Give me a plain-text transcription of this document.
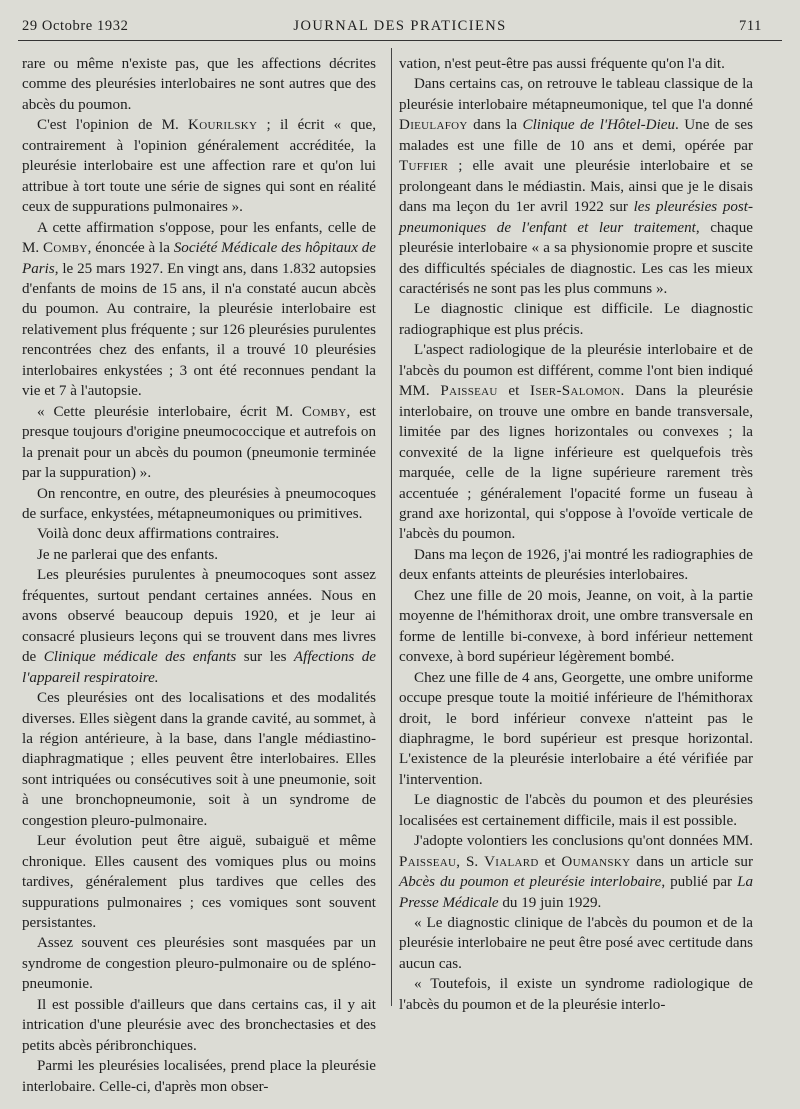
29 Octobre 1932	JOURNAL DES PRATICIENS	711

rare ou même n'existe pas, que les affections décrites comme des pleurésies interlobaires ne sont autres que des abcès du poumon.

C'est l'opinion de M. Kourilsky ; il écrit « que, contrairement à l'opinion généralement accréditée, la pleurésie interlobaire est une affection rare et qu'on lui attribue à tort toute une série de signes qui sont en réalité ceux de suppurations pulmonaires ».

A cette affirmation s'oppose, pour les enfants, celle de M. Comby, énoncée à la Société Médicale des hôpitaux de Paris, le 25 mars 1927. En vingt ans, dans 1.832 autopsies d'enfants de moins de 15 ans, il n'a constaté aucun abcès du poumon. Au contraire, la pleurésie interlobaire est relativement plus fréquente ; sur 126 pleurésies purulentes rencontrées chez des enfants, il a trouvé 10 pleurésies interlobaires enkystées ; 3 ont été reconnues pendant la vie et 7 à l'autopsie.

« Cette pleurésie interlobaire, écrit M. Comby, est presque toujours d'origine pneumococcique et autrefois on la prenait pour un abcès du poumon (pneumonie terminée par la suppuration) ».

On rencontre, en outre, des pleurésies à pneumocoques de surface, enkystées, métapneumoniques ou primitives.

Voilà donc deux affirmations contraires.

Je ne parlerai que des enfants.

Les pleurésies purulentes à pneumocoques sont assez fréquentes, surtout pendant certaines années. Nous en avons observé beaucoup depuis 1920, et je leur ai consacré plusieurs leçons qui se trouvent dans mes livres de Clinique médicale des enfants sur les Affections de l'appareil respiratoire.

Ces pleurésies ont des localisations et des modalités diverses. Elles siègent dans la grande cavité, au sommet, à la région antérieure, à la base, dans l'angle médiastino-diaphragmatique ; elles peuvent être interlobaires. Elles sont intriquées ou consécutives soit à une pneumonie, soit à une bronchopneumonie, soit à un syndrome de congestion pleuro-pulmonaire.

Leur évolution peut être aiguë, subaiguë et même chronique. Elles causent des vomiques plus ou moins tardives, généralement plus tardives que celles des suppurations pulmonaires ; ces vomiques sont souvent persistantes.

Assez souvent ces pleurésies sont masquées par un syndrome de congestion pleuro-pulmonaire ou de spléno-pneumonie.

Il est possible d'ailleurs que dans certains cas, il y ait intrication d'une pleurésie avec des bronchectasies et des petits abcès péribronchiques.

Parmi les pleurésies localisées, prend place la pleurésie interlobaire. Celle-ci, d'après mon obser-

vation, n'est peut-être pas aussi fréquente qu'on l'a dit.

Dans certains cas, on retrouve le tableau classique de la pleurésie interlobaire métapneumonique, tel que l'a donné Dieulafoy dans la Clinique de l'Hôtel-Dieu. Une de ses malades est une fille de 10 ans et demi, opérée par Tuffier ; elle avait une pleurésie interlobaire et se prolongeant dans le médiastin. Mais, ainsi que je le disais dans ma leçon du 1er avril 1922 sur les pleurésies post-pneumoniques de l'enfant et leur traitement, chaque pleurésie interlobaire « a sa physionomie propre et suscite des difficultés spéciales de diagnostic. Les cas les mieux caractérisés ne sont pas les plus communs ».

Le diagnostic clinique est difficile. Le diagnostic radiographique est plus précis.

L'aspect radiologique de la pleurésie interlobaire et de l'abcès du poumon est différent, comme l'ont bien indiqué MM. Paisseau et Iser-Salomon. Dans la pleurésie interlobaire, on trouve une ombre en bande transversale, limitée par des lignes horizontales ou convexes ; la convexité de la ligne inférieure est quelquefois très marquée, celle de la ligne supérieure rarement très accentuée ; généralement l'opacité forme un fuseau à grand axe horizontal, qui s'oppose à l'ovoïde verticale de l'abcès du poumon.

Dans ma leçon de 1926, j'ai montré les radiographies de deux enfants atteints de pleurésies interlobaires.

Chez une fille de 20 mois, Jeanne, on voit, à la partie moyenne de l'hémithorax droit, une ombre transversale en forme de lentille bi-convexe, à bord inférieur nettement convexe, à bord supérieur légèrement bombé.

Chez une fille de 4 ans, Georgette, une ombre uniforme occupe presque toute la moitié inférieure de l'hémithorax droit, le bord inférieur convexe n'atteint pas le diaphragme, le bord supérieur est presque horizontal. L'existence de la pleurésie interlobaire a été vérifiée par l'intervention.

Le diagnostic de l'abcès du poumon et des pleurésies localisées est certainement difficile, mais il est possible.

J'adopte volontiers les conclusions qu'ont données MM. Paisseau, S. Vialard et Oumansky dans un article sur Abcès du poumon et pleurésie interlobaire, publié par La Presse Médicale du 19 juin 1929.

« Le diagnostic clinique de l'abcès du poumon et de la pleurésie interlobaire ne peut être posé avec certitude dans aucun cas.

« Toutefois, il existe un syndrome radiologique de l'abcès du poumon et de la pleurésie interlo-
